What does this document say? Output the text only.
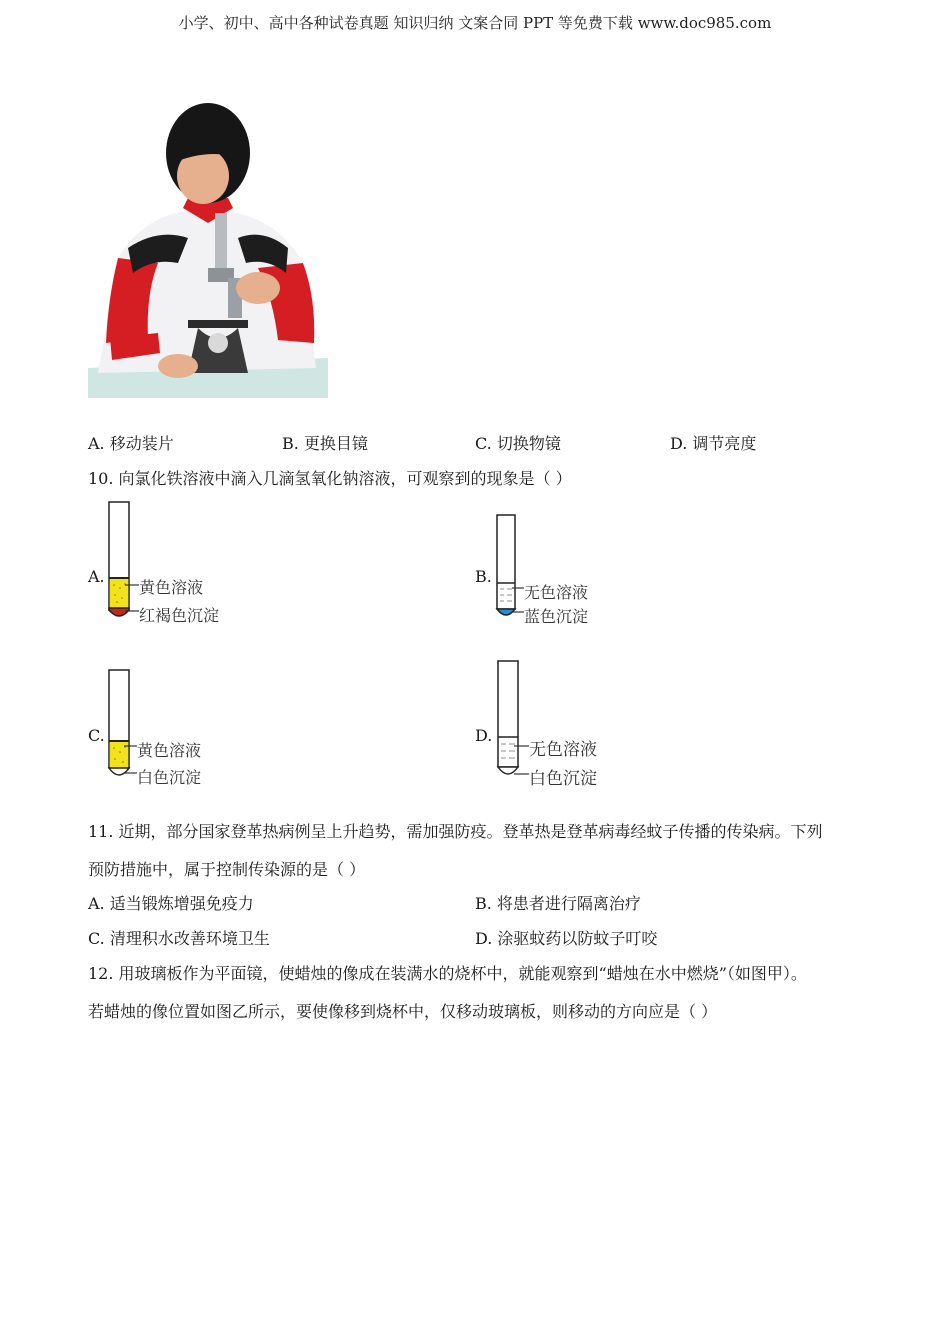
小学、初中、高中各种试卷真题 知识归纳 文案合同 PPT 等免费下载 www.doc985.com
A. 移动装片	B. 更换目镜	C. 切换物镜	D. 调节亮度
10. 向氯化铁溶液中滴入几滴氢氧化钠溶液，可观察到的现象是（ ）
A.
黄色溶液
红褐色沉淀
B.
无色溶液
蓝色沉淀
C.
黄色溶液
白色沉淀
D.
无色溶液
白色沉淀
11. 近期，部分国家登革热病例呈上升趋势，需加强防疫。登革热是登革病毒经蚊子传播的传染病。下列
预防措施中，属于控制传染源的是（ ）
A. 适当锻炼增强免疫力	B. 将患者进行隔离治疗
C. 清理积水改善环境卫生	D. 涂驱蚊药以防蚊子叮咬
12. 用玻璃板作为平面镜，使蜡烛的像成在装满水的烧杯中，就能观察到“蜡烛在水中燃烧”（如图甲）。
若蜡烛的像位置如图乙所示，要使像移到烧杯中，仅移动玻璃板，则移动的方向应是（ ）
